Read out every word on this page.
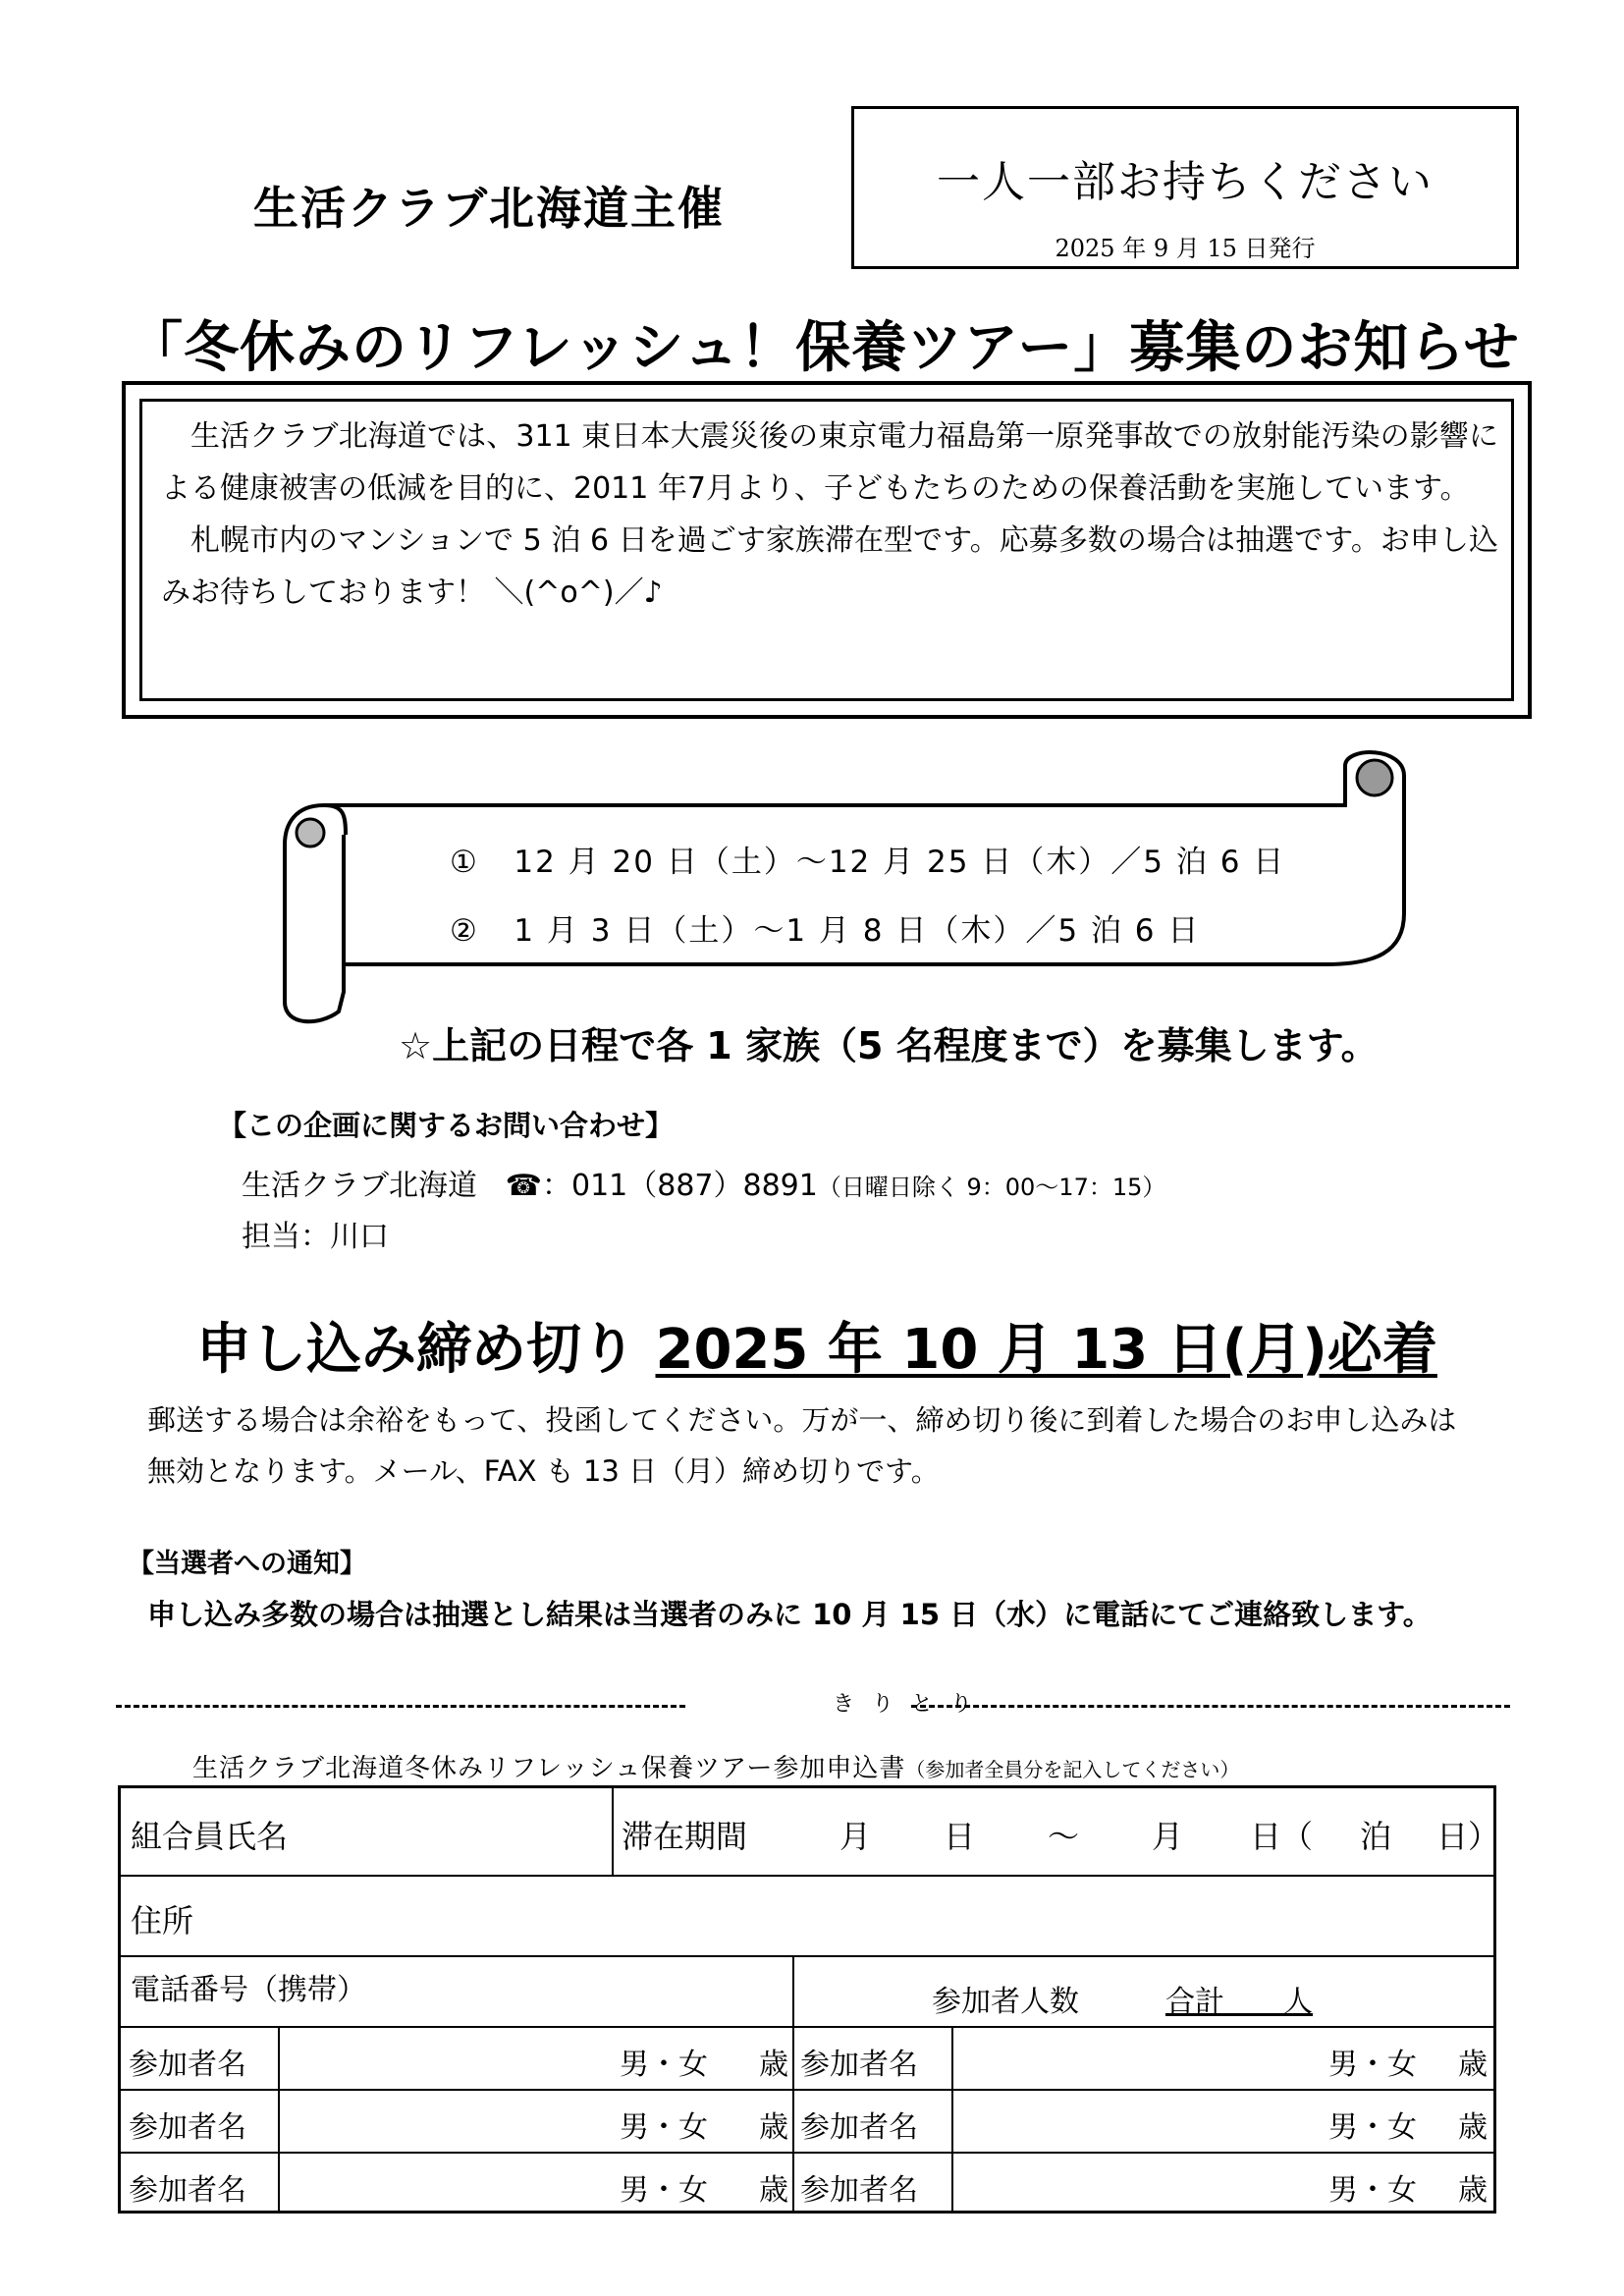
生活クラブ北海道主催	一人一部お持ちください
2025 年 9 月 15 日発行
「冬休みのリフレッシュ！保養ツアー」募集のお知らせ
生活クラブ北海道では、311 東日本大震災後の東京電力福島第一原発事故での放射能汚染の影響による健康被害の低減を目的に、2011 年7月より、子どもたちのための保養活動を実施しています。
札幌市内のマンションで 5 泊 6 日を過ごす家族滞在型です。応募多数の場合は抽選です。お申し込みお待ちしております！ ＼(^o^)／♪
① 12 月 20 日（土）～12 月 25 日（木）／5 泊 6 日
② 1 月 3 日（土）～1 月 8 日（木）／5 泊 6 日
☆上記の日程で各 1 家族（5 名程度まで）を募集します。
【この企画に関するお問い合わせ】
生活クラブ北海道 ☎：011（887）8891（日曜日除く 9：00～17：15）
担当：川口
申し込み締め切り 2025 年 10 月 13 日(月)必着
郵送する場合は余裕をもって、投函してください。万が一、締め切り後に到着した場合のお申し込みは無効となります。メール、FAX も 13 日（月）締め切りです。
【当選者への通知】
申し込み多数の場合は抽選とし結果は当選者のみに 10 月 15 日（水）に電話にてご連絡致します。
きりとり
生活クラブ北海道冬休みリフレッシュ保養ツアー参加申込書（参加者全員分を記入してください）
組合員氏名	滞在期間	月 日 ～ 月 日（ 泊 日）
住所
電話番号（携帯）	参加者人数	合計　　人
参加者名	男・女 歳 参加者名	男・女 歳
参加者名	男・女 歳 参加者名	男・女 歳
参加者名	男・女 歳 参加者名	男・女 歳
